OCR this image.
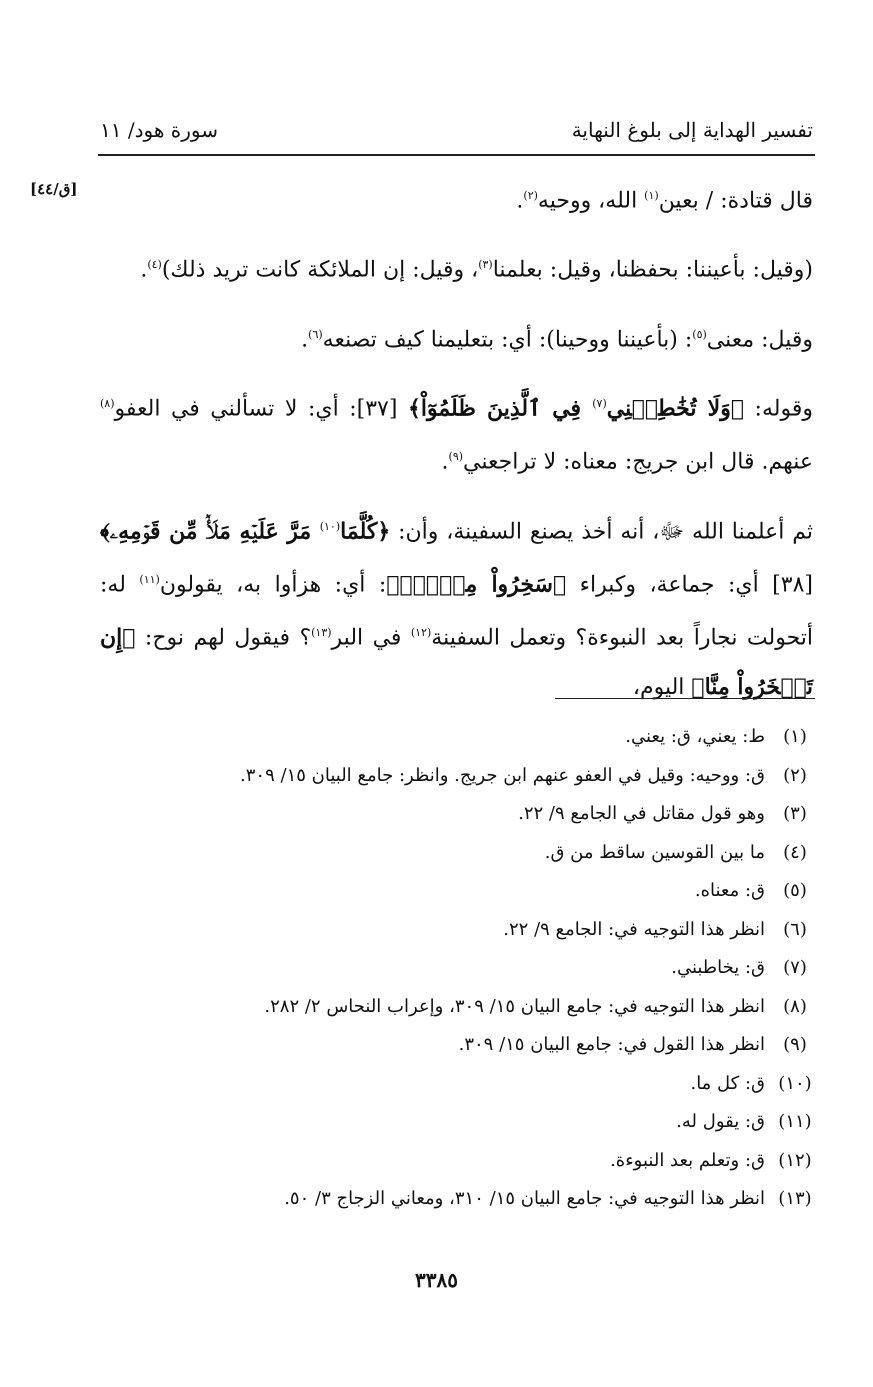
تفسير الهداية إلى بلوغ النهاية
سورة هود/ ١١
[ق/٤٤]	قال قتادة: / بعين$^{(١)}$ الله، ووحيه$^{(٢)}$.

(وقيل: بأعيننا: بحفظنا، وقيل: بعلمنا$^{(٣)}$، وقيل: إن الملائكة كانت تريد ذلك)$^{(٤)}$.

وقيل: معنى$^{(٥)}$: (بأعيننا ووحينا): أي: بتعليمنا كيف تصنعه$^{(٦)}$.

وقوله: ﴿وَلَا تُخَٰطِبۡنِي$^{(٧)}$ فِي ٱلَّذِينَ ظَلَمُوٓاْ﴾ [٣٧]: أي: لا تسألني في العفو$^{(٨)}$ عنهم. قال ابن جريج: معناه: لا تراجعني$^{(٩)}$.

ثم أعلمنا الله ﷻ، أنه أخذ يصنع السفينة، وأن: ﴿كُلَّمَا$^{(١٠)}$ مَرَّ عَلَيۡهِ مَلَأٞ مِّن قَوۡمِهِۦ﴾ [٣٨] أي: جماعة، وكبراء ﴿سَخِرُواْ مِنۡهُۚ﴾: أي: هزأوا به، يقولون$^{(١١)}$ له: أتحولت نجاراً بعد النبوءة؟ وتعمل السفينة$^{(١٢)}$ في البر$^{(١٣)}$؟ فيقول لهم نوح: ﴿إِن تَسۡخَرُواْ مِنَّا﴾ اليوم،

(١)
ط: يعني، ق: يعني.
(٢)
ق: ووحيه: وقيل في العفو عنهم ابن جريج. وانظر: جامع البيان ١٥/ ٣٠٩.
(٣)
وهو قول مقاتل في الجامع ٩/ ٢٢.
(٤)
ما بين القوسين ساقط من ق.
(٥)
ق: معناه.
(٦)
انظر هذا التوجيه في: الجامع ٩/ ٢٢.
(٧)
ق: يخاطبني.
(٨)
انظر هذا التوجيه في: جامع البيان ١٥/ ٣٠٩، وإعراب النحاس ٢/ ٢٨٢.
(٩)
انظر هذا القول في: جامع البيان ١٥/ ٣٠٩.
(١٠)
ق: كل ما.
(١١)
ق: يقول له.
(١٢)
ق: وتعلم بعد النبوءة.
(١٣)
انظر هذا التوجيه في: جامع البيان ١٥/ ٣١٠، ومعاني الزجاج ٣/ ٥٠.
٣٣٨٥
